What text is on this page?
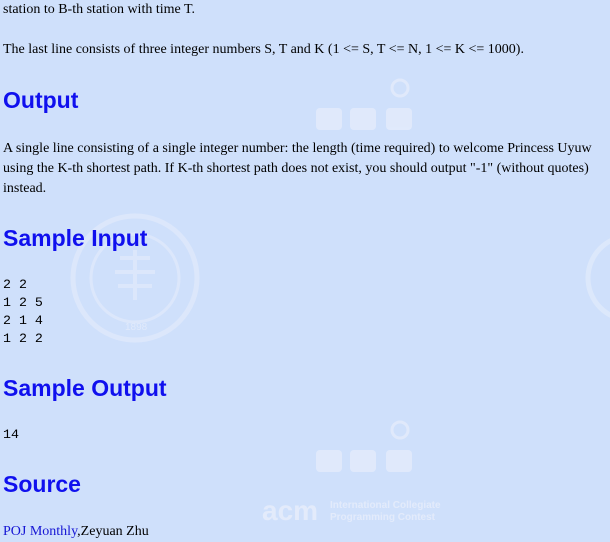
1898
acm International Collegiate
Programming Contest

station to B-th station with time T.

The last line consists of three integer numbers S, T and K (1 <= S, T <= N, 1 <= K <= 1000).

Output

A single line consisting of a single integer number: the length (time required) to welcome Princess Uyuw using the K-th shortest path. If K-th shortest path does not exist, you should output "-1" (without quotes) instead.

Sample Input
2 2
1 2 5
2 1 4
1 2 2
Sample Output
14
Source

POJ Monthly,Zeyuan Zhu
